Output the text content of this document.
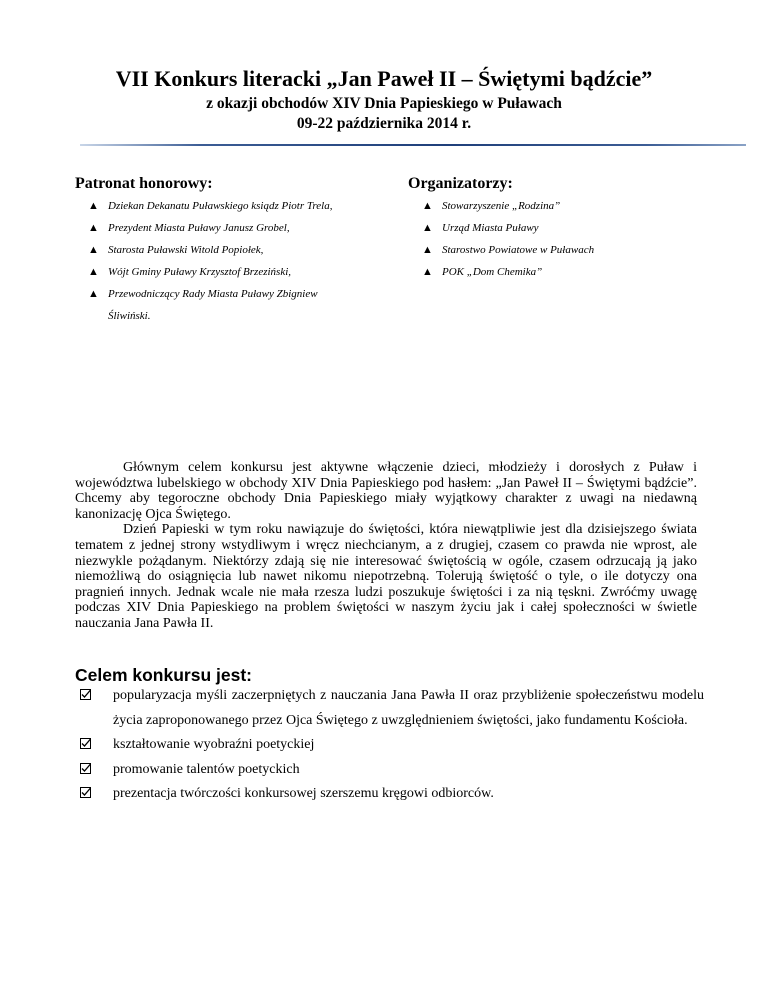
VII Konkurs literacki „Jan Paweł II – Świętymi bądźcie”
z okazji obchodów XIV Dnia Papieskiego w Puławach
09-22 października 2014 r.
Patronat honorowy:	Organizatorzy:
▲ Dziekan Dekanatu Puławskiego ksiądz Piotr Trela,
▲ Prezydent Miasta Puławy Janusz Grobel,
▲ Starosta Puławski Witold Popiołek,
▲ Wójt Gminy Puławy Krzysztof Brzeziński,
▲ Przewodniczący Rady Miasta Puławy Zbigniew Śliwiński.
▲ Stowarzyszenie „Rodzina”
▲ Urząd Miasta Puławy
▲ Starostwo Powiatowe w Puławach
▲ POK „Dom Chemika”

Głównym celem konkursu jest aktywne włączenie dzieci, młodzieży i dorosłych z Puław i województwa lubelskiego w obchody XIV Dnia Papieskiego pod hasłem: „Jan Paweł II – Świętymi bądźcie”. Chcemy aby tegoroczne obchody Dnia Papieskiego miały wyjątkowy charakter z uwagi na niedawną kanonizację Ojca Świętego.

Dzień Papieski w tym roku nawiązuje do świętości, która niewątpliwie jest dla dzisiejszego świata tematem z jednej strony wstydliwym i wręcz niechcianym, a z drugiej, czasem co prawda nie wprost, ale niezwykle pożądanym. Niektórzy zdają się nie interesować świętością w ogóle, czasem odrzucają ją jako niemożliwą do osiągnięcia lub nawet nikomu niepotrzebną. Tolerują świętość o tyle, o ile dotyczy ona pragnień innych. Jednak wcale nie mała rzesza ludzi poszukuje świętości i za nią tęskni. Zwróćmy uwagę podczas XIV Dnia Papieskiego na problem świętości w naszym życiu jak i całej społeczności w świetle nauczania Jana Pawła II.

Celem konkursu jest:
popularyzacja myśli zaczerpniętych z nauczania Jana Pawła II oraz przybliżenie społeczeństwu modelu życia zaproponowanego przez Ojca Świętego z uwzględnieniem świętości, jako fundamentu Kościoła.
kształtowanie wyobraźni poetyckiej
promowanie talentów poetyckich
prezentacja twórczości konkursowej szerszemu kręgowi odbiorców.
